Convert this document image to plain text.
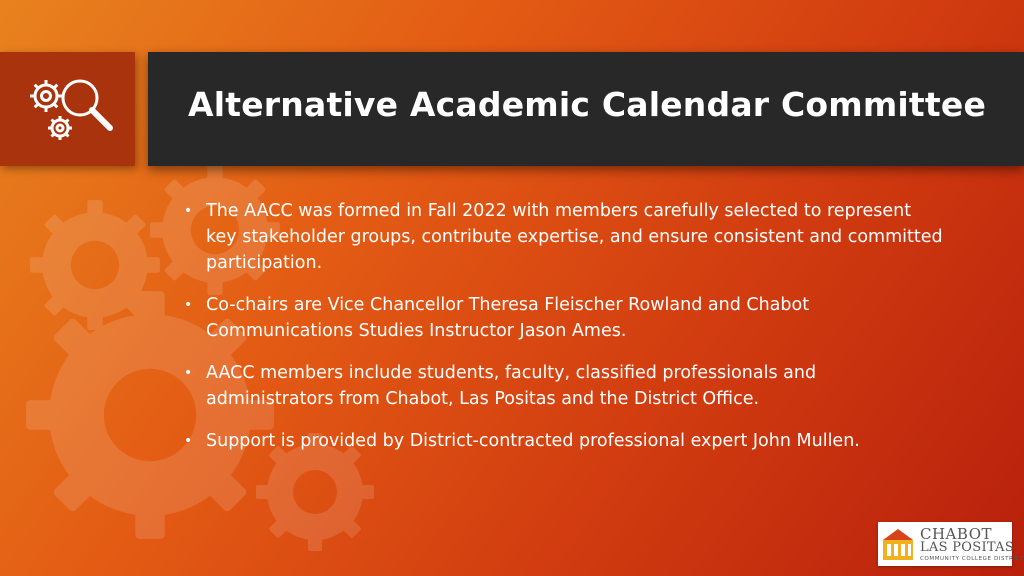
Alternative Academic Calendar Committee
• The AACC was formed in Fall 2022 with members carefully selected to represent key stakeholder groups, contribute expertise, and ensure consistent and committed participation.
• Co-chairs are Vice Chancellor Theresa Fleischer Rowland and Chabot Communications Studies Instructor Jason Ames.
• AACC members include students, faculty, classified professionals and administrators from Chabot, Las Positas and the District Office.
• Support is provided by District-contracted professional expert John Mullen.
CHABOT
LAS POSITAS
COMMUNITY COLLEGE DISTRICT
